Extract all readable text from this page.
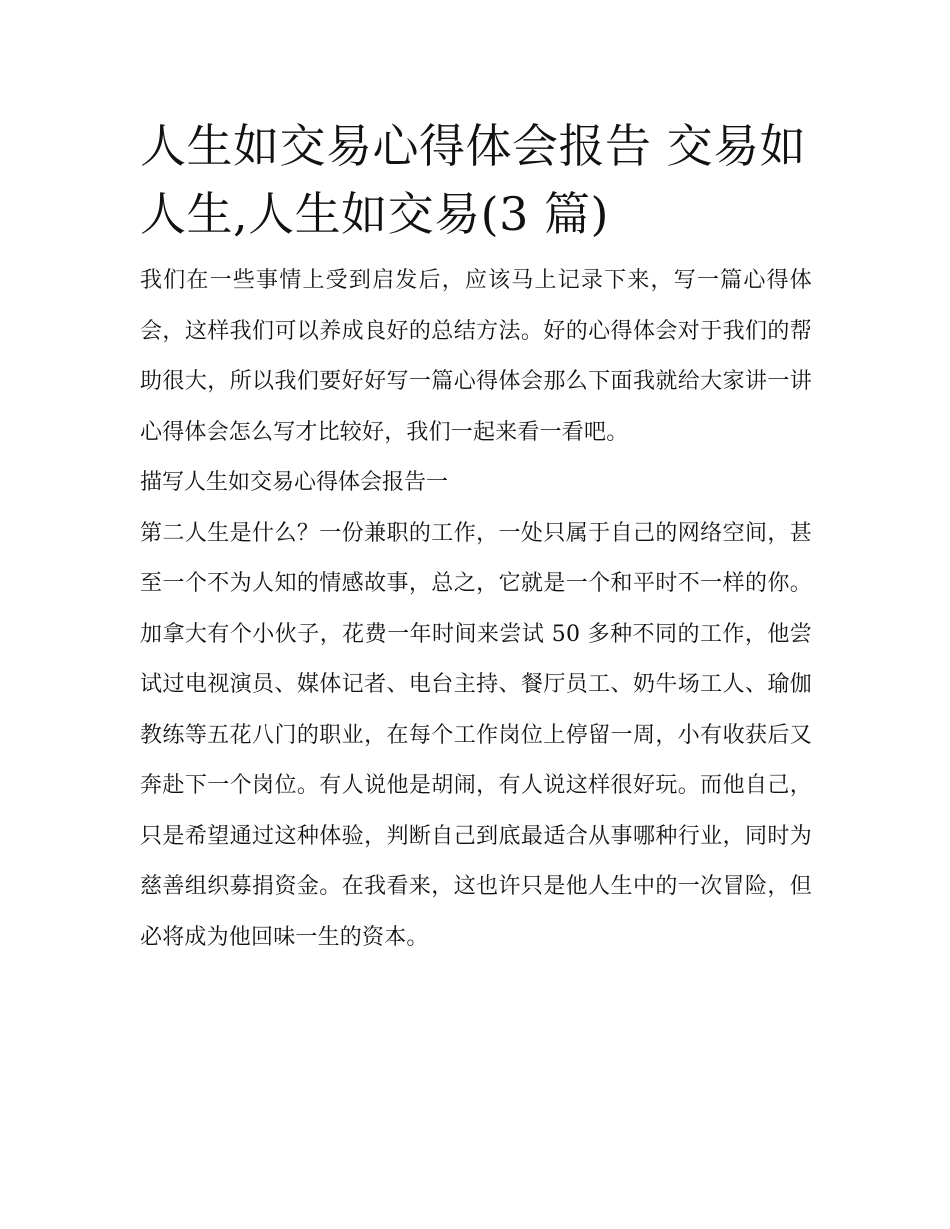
人生如交易心得体会报告 交易如人生,人生如交易(3 篇)

我们在一些事情上受到启发后，应该马上记录下来，写一篇心得体会，这样我们可以养成良好的总结方法。好的心得体会对于我们的帮助很大，所以我们要好好写一篇心得体会那么下面我就给大家讲一讲心得体会怎么写才比较好，我们一起来看一看吧。

描写人生如交易心得体会报告一

第二人生是什么？一份兼职的工作，一处只属于自己的网络空间，甚至一个不为人知的情感故事，总之，它就是一个和平时不一样的你。加拿大有个小伙子，花费一年时间来尝试 50 多种不同的工作，他尝试过电视演员、媒体记者、电台主持、餐厅员工、奶牛场工人、瑜伽教练等五花八门的职业，在每个工作岗位上停留一周，小有收获后又奔赴下一个岗位。有人说他是胡闹，有人说这样很好玩。而他自己，只是希望通过这种体验，判断自己到底最适合从事哪种行业，同时为慈善组织募捐资金。在我看来，这也许只是他人生中的一次冒险，但必将成为他回味一生的资本。
